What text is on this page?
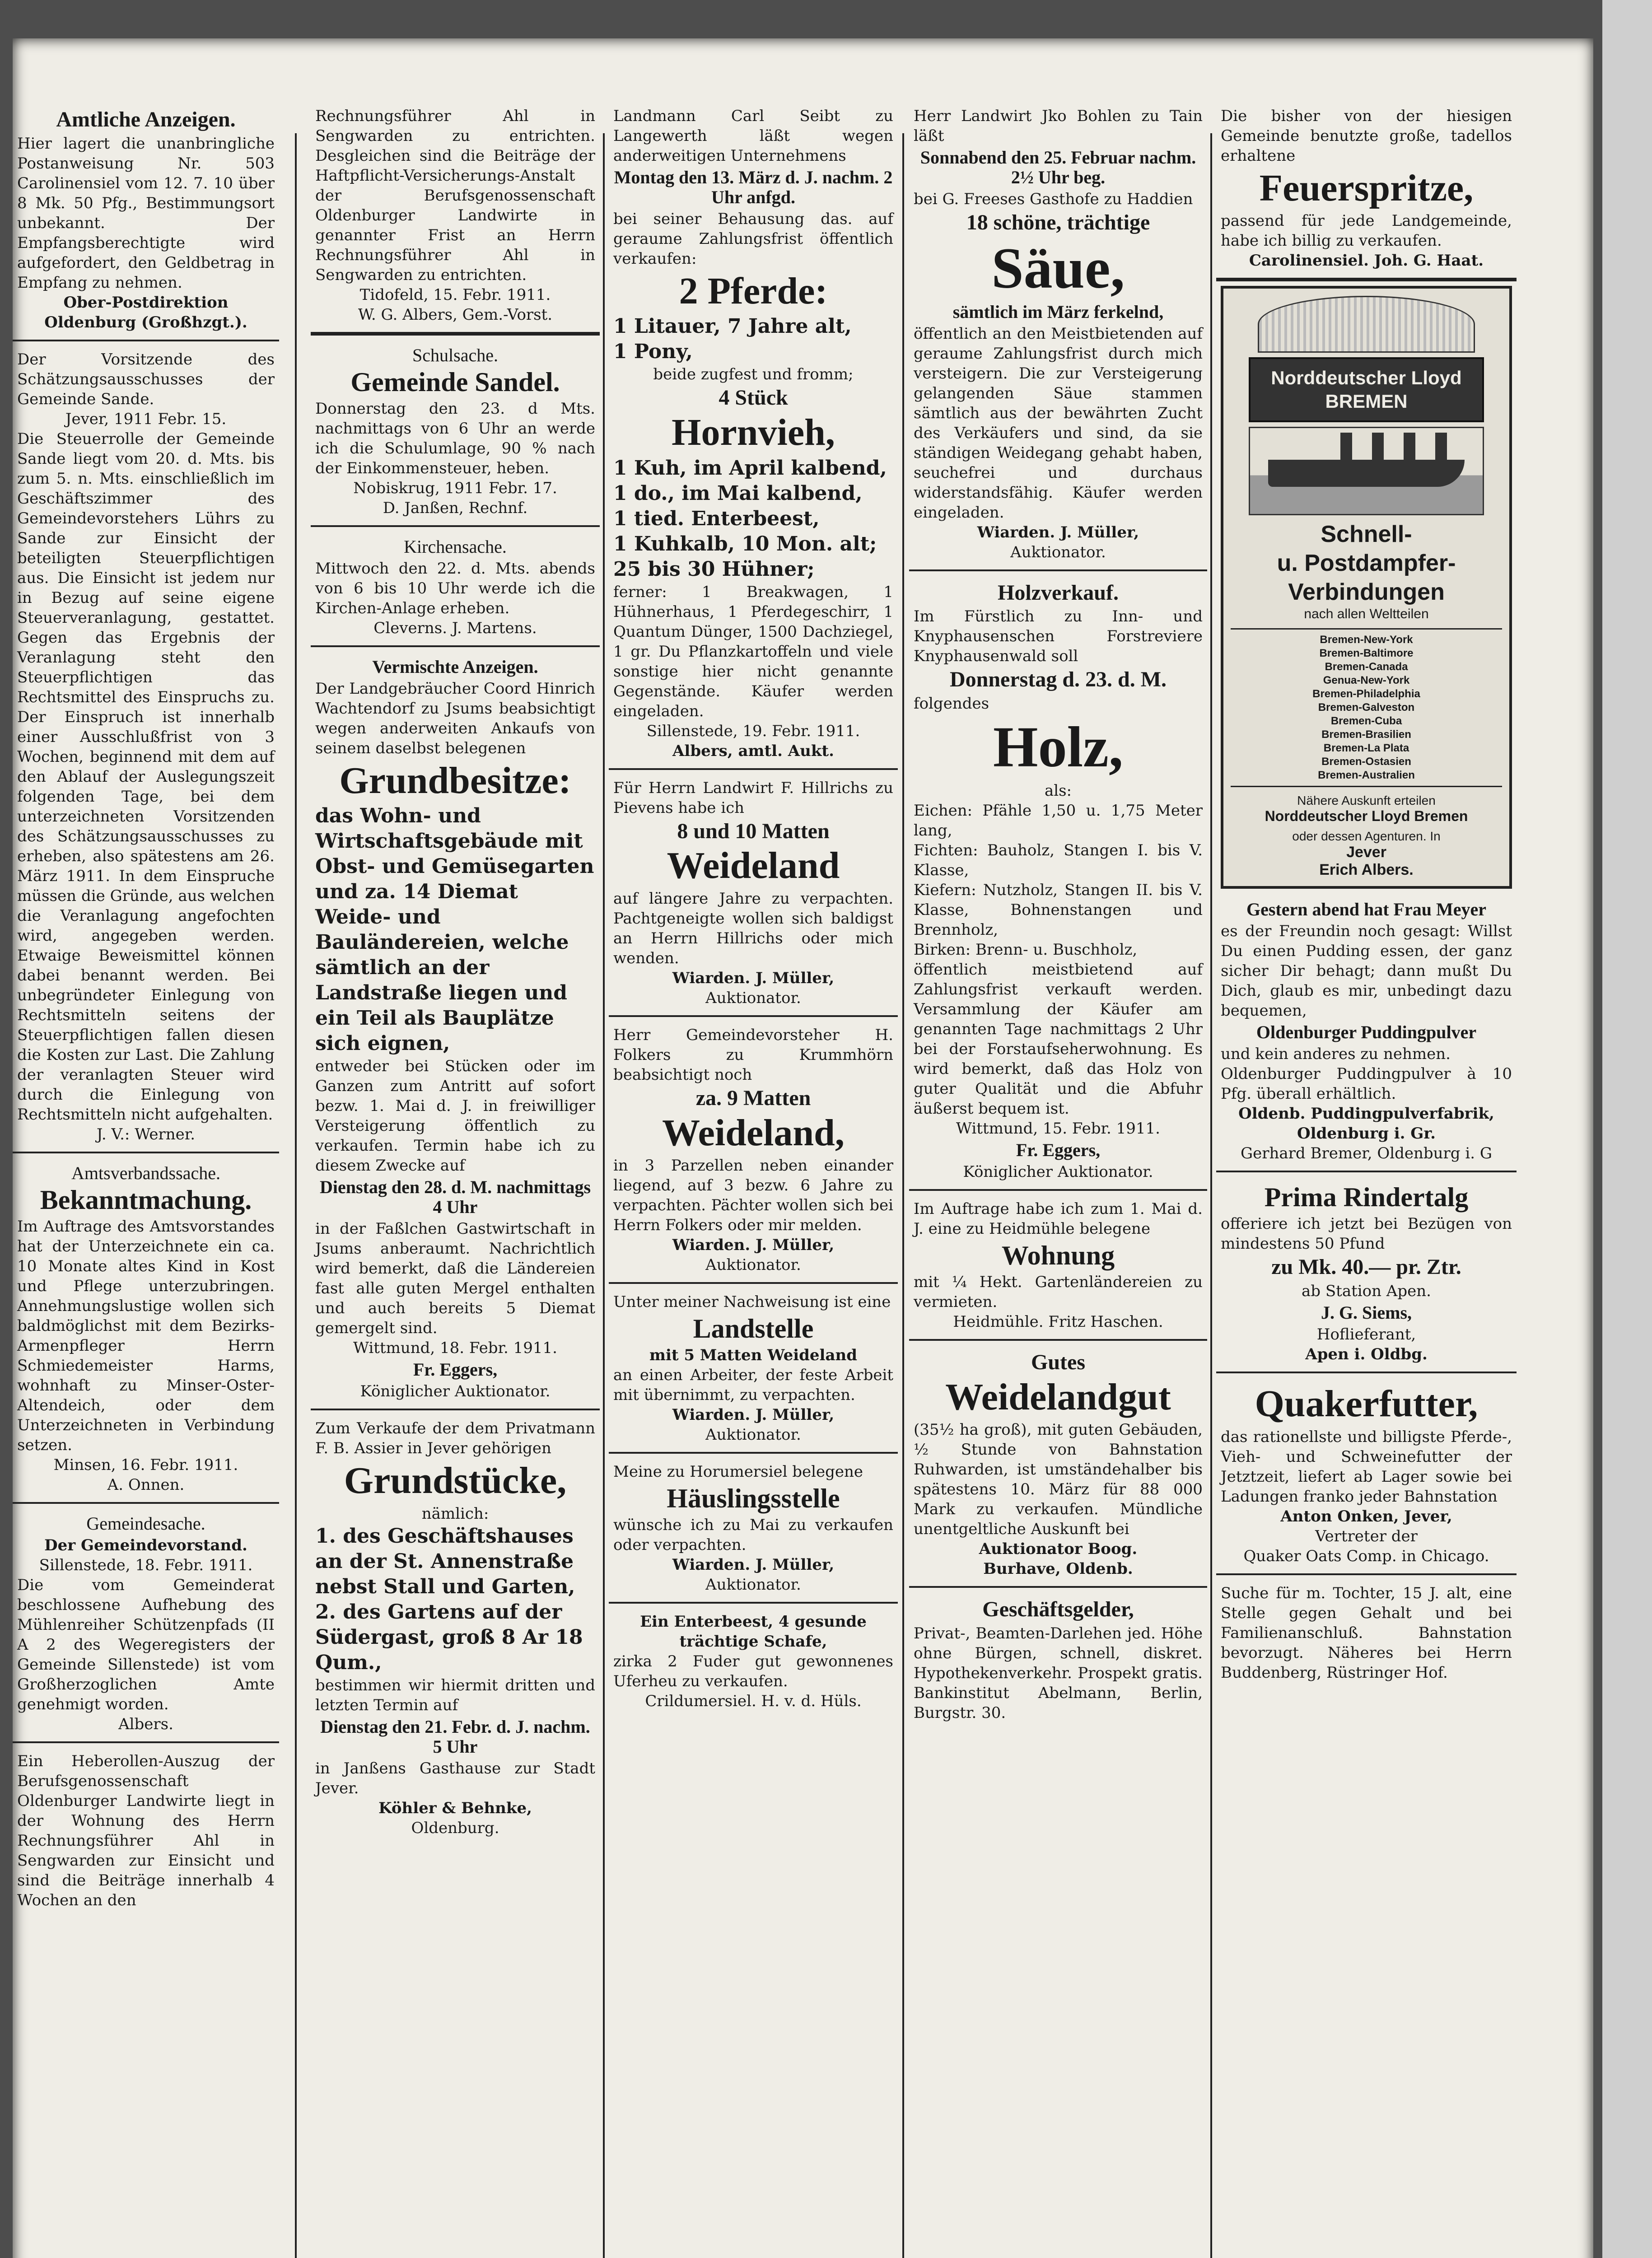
Amtliche Anzeigen.

Hier lagert die unanbringliche Postanweisung Nr. 503 Carolinensiel vom 12. 7. 10 über 8 Mk. 50 Pfg., Bestimmungsort unbekannt. Der Empfangsberechtigte wird aufgefordert, den Geldbetrag in Empfang zu nehmen.

Ober-Postdirektion Oldenburg (Großhzgt.).

Der Vorsitzende des Schätzungsausschusses der Gemeinde Sande.

Jever, 1911 Febr. 15.

Die Steuerrolle der Gemeinde Sande liegt vom 20. d. Mts. bis zum 5. n. Mts. einschließlich im Geschäftszimmer des Gemeindevorstehers Lührs zu Sande zur Einsicht der beteiligten Steuerpflichtigen aus. Die Einsicht ist jedem nur in Bezug auf seine eigene Steuerveranlagung, gestattet. Gegen das Ergebnis der Veranlagung steht den Steuerpflichtigen das Rechtsmittel des Einspruchs zu. Der Einspruch ist innerhalb einer Ausschlußfrist von 3 Wochen, beginnend mit dem auf den Ablauf der Auslegungszeit folgenden Tage, bei dem unterzeichneten Vorsitzenden des Schätzungsausschusses zu erheben, also spätestens am 26. März 1911. In dem Einspruche müssen die Gründe, aus welchen die Veranlagung angefochten wird, angegeben werden. Etwaige Beweismittel können dabei benannt werden. Bei unbegründeter Einlegung von Rechtsmitteln seitens der Steuerpflichtigen fallen diesen die Kosten zur Last. Die Zahlung der veranlagten Steuer wird durch die Einlegung von Rechtsmitteln nicht aufgehalten.

J. V.: Werner.
Amtsverbandssache.
Bekanntmachung.

Im Auftrage des Amtsvorstandes hat der Unterzeichnete ein ca. 10 Monate altes Kind in Kost und Pflege unterzubringen. Annehmungslustige wollen sich baldmöglichst mit dem Bezirks-Armenpfleger Herrn Schmiedemeister Harms, wohnhaft zu Minser-Oster-Altendeich, oder dem Unterzeichneten in Verbindung setzen.

Minsen, 16. Febr. 1911.
A. Onnen.
Gemeindesache.
Der Gemeindevorstand.
Sillenstede, 18. Febr. 1911.

Die vom Gemeinderat beschlossene Aufhebung des Mühlenreiher Schützenpfads (II A 2 des Wegeregisters der Gemeinde Sillenstede) ist vom Großherzoglichen Amte genehmigt worden.

Albers.

Ein Heberollen-Auszug der Berufsgenossenschaft Oldenburger Landwirte liegt in der Wohnung des Herrn Rechnungsführer Ahl in Sengwarden zur Einsicht und sind die Beiträge innerhalb 4 Wochen an den

Rechnungsführer Ahl in Sengwarden zu entrichten. Desgleichen sind die Beiträge der Haftpflicht-Versicherungs-Anstalt der Berufsgenossenschaft Oldenburger Landwirte in genannter Frist an Herrn Rechnungsführer Ahl in Sengwarden zu entrichten.

Tidofeld, 15. Febr. 1911.
W. G. Albers, Gem.-Vorst.
Schulsache.
Gemeinde Sandel.

Donnerstag den 23. d Mts. nachmittags von 6 Uhr an werde ich die Schulumlage, 90 % nach der Einkommensteuer, heben.

Nobiskrug, 1911 Febr. 17.
D. Janßen, Rechnf.
Kirchensache.

Mittwoch den 22. d. Mts. abends von 6 bis 10 Uhr werde ich die Kirchen-Anlage erheben.

Cleverns. J. Martens.
Vermischte Anzeigen.

Der Landgebräucher Coord Hinrich Wachtendorf zu Jsums beabsichtigt wegen anderweiten Ankaufs von seinem daselbst belegenen

Grundbesitze:

das Wohn- und Wirtschaftsgebäude mit Obst- und Gemüsegarten und za. 14 Diemat Weide- und Bauländereien, welche sämtlich an der Landstraße liegen und ein Teil als Bauplätze sich eignen,

entweder bei Stücken oder im Ganzen zum Antritt auf sofort bezw. 1. Mai d. J. in freiwilliger Versteigerung öffentlich zu verkaufen. Termin habe ich zu diesem Zwecke auf

Dienstag den 28. d. M. nachmittags 4 Uhr

in der Faßlchen Gastwirtschaft in Jsums anberaumt. Nachrichtlich wird bemerkt, daß die Ländereien fast alle guten Mergel enthalten und auch bereits 5 Diemat gemergelt sind.

Wittmund, 18. Febr. 1911.
Fr. Eggers,
Königlicher Auktionator.

Zum Verkaufe der dem Privatmann F. B. Assier in Jever gehörigen

Grundstücke,
nämlich:

1. des Geschäftshauses an der St. Annenstraße nebst Stall und Garten,

2. des Gartens auf der Südergast, groß 8 Ar 18 Qum.,

bestimmen wir hiermit dritten und letzten Termin auf

Dienstag den 21. Febr. d. J. nachm. 5 Uhr

in Janßens Gasthause zur Stadt Jever.

Köhler & Behnke,
Oldenburg.

Landmann Carl Seibt zu Langewerth läßt wegen anderweitigen Unternehmens

Montag den 13. März d. J. nachm. 2 Uhr anfgd.

bei seiner Behausung das. auf geraume Zahlungsfrist öffentlich verkaufen:

2 Pferde:

1 Litauer, 7 Jahre alt,

1 Pony,

beide zugfest und fromm;
4 Stück
Hornvieh,

1 Kuh, im April kalbend,

1 do., im Mai kalbend,

1 tied. Enterbeest,

1 Kuhkalb, 10 Mon. alt;

25 bis 30 Hühner;

ferner: 1 Breakwagen, 1 Hühnerhaus, 1 Pferdegeschirr, 1 Quantum Dünger, 1500 Dachziegel, 1 gr. Du Pflanzkartoffeln und viele sonstige hier nicht genannte Gegenstände. Käufer werden eingeladen.

Sillenstede, 19. Febr. 1911.
Albers, amtl. Aukt.

Für Herrn Landwirt F. Hillrichs zu Pievens habe ich

8 und 10 Matten
Weideland

auf längere Jahre zu verpachten. Pachtgeneigte wollen sich baldigst an Herrn Hillrichs oder mich wenden.

Wiarden. J. Müller,
Auktionator.

Herr Gemeindevorsteher H. Folkers zu Krummhörn beabsichtigt noch

za. 9 Matten
Weideland,

in 3 Parzellen neben einander liegend, auf 3 bezw. 6 Jahre zu verpachten. Pächter wollen sich bei Herrn Folkers oder mir melden.

Wiarden. J. Müller,
Auktionator.

Unter meiner Nachweisung ist eine

Landstelle
mit 5 Matten Weideland

an einen Arbeiter, der feste Arbeit mit übernimmt, zu verpachten.

Wiarden. J. Müller,
Auktionator.

Meine zu Horumersiel belegene

Häuslingsstelle

wünsche ich zu Mai zu verkaufen oder verpachten.

Wiarden. J. Müller,
Auktionator.
Ein Enterbeest, 4 gesunde trächtige Schafe,

zirka 2 Fuder gut gewonnenes Uferheu zu verkaufen.

Crildumersiel. H. v. d. Hüls.

Herr Landwirt Jko Bohlen zu Tain läßt

Sonnabend den 25. Februar nachm. 2½ Uhr beg.

bei G. Freeses Gasthofe zu Haddien

18 schöne, trächtige
Säue,
sämtlich im März ferkelnd,

öffentlich an den Meistbietenden auf geraume Zahlungsfrist durch mich versteigern. Die zur Versteigerung gelangenden Säue stammen sämtlich aus der bewährten Zucht des Verkäufers und sind, da sie ständigen Weidegang gehabt haben, seuchefrei und durchaus widerstandsfähig. Käufer werden eingeladen.

Wiarden. J. Müller,
Auktionator.
Holzverkauf.

Im Fürstlich zu Inn- und Knyphausenschen Forstreviere Knyphausenwald soll

Donnerstag d. 23. d. M.

folgendes

Holz,
als:

Eichen: Pfähle 1,50 u. 1,75 Meter lang,

Fichten: Bauholz, Stangen I. bis V. Klasse,

Kiefern: Nutzholz, Stangen II. bis V. Klasse, Bohnenstangen und Brennholz,

Birken: Brenn- u. Buschholz,

öffentlich meistbietend auf Zahlungsfrist verkauft werden. Versammlung der Käufer am genannten Tage nachmittags 2 Uhr bei der Forstaufseherwohnung. Es wird bemerkt, daß das Holz von guter Qualität und die Abfuhr äußerst bequem ist.

Wittmund, 15. Febr. 1911.
Fr. Eggers,
Königlicher Auktionator.

Im Auftrage habe ich zum 1. Mai d. J. eine zu Heidmühle belegene

Wohnung

mit ¼ Hekt. Gartenländereien zu vermieten.

Heidmühle. Fritz Haschen.
Gutes
Weidelandgut

(35½ ha groß), mit guten Gebäuden, ½ Stunde von Bahnstation Ruhwarden, ist umständehalber bis spätestens 10. März für 88 000 Mark zu verkaufen. Mündliche unentgeltliche Auskunft bei

Auktionator Boog.
Burhave, Oldenb.
Geschäftsgelder,

Privat-, Beamten-Darlehen jed. Höhe ohne Bürgen, schnell, diskret. Hypothekenverkehr. Prospekt gratis. Bankinstitut Abelmann, Berlin, Burgstr. 30.

Die bisher von der hiesigen Gemeinde benutzte große, tadellos erhaltene

Feuerspritze,

passend für jede Landgemeinde, habe ich billig zu verkaufen.

Carolinensiel. Joh. G. Haat.
Norddeutscher Lloyd
BREMEN
Schnell-
u. Postdampfer-
Verbindungen
nach allen Weltteilen
Bremen-New-York
Bremen-Baltimore
Bremen-Canada
Genua-New-York
Bremen-Philadelphia
Bremen-Galveston
Bremen-Cuba
Bremen-Brasilien
Bremen-La Plata
Bremen-Ostasien
Bremen-Australien
Nähere Auskunft erteilen
Norddeutscher Lloyd Bremen
oder dessen Agenturen. In
Jever
Erich Albers.
Gestern abend hat Frau Meyer

es der Freundin noch gesagt: Willst Du einen Pudding essen, der ganz sicher Dir behagt; dann mußt Du Dich, glaub es mir, unbedingt dazu bequemen,

Oldenburger Puddingpulver

und kein anderes zu nehmen.

Oldenburger Puddingpulver à 10 Pfg. überall erhältlich.

Oldenb. Puddingpulverfabrik, Oldenburg i. Gr.
Gerhard Bremer, Oldenburg i. G
Prima Rindertalg

offeriere ich jetzt bei Bezügen von mindestens 50 Pfund

zu Mk. 40.— pr. Ztr.
ab Station Apen.
J. G. Siems,
Hoflieferant,
Apen i. Oldbg.
Quakerfutter,

das rationellste und billigste Pferde-, Vieh- und Schweinefutter der Jetztzeit, liefert ab Lager sowie bei Ladungen franko jeder Bahnstation

Anton Onken, Jever,
Vertreter der
Quaker Oats Comp. in Chicago.

Suche für m. Tochter, 15 J. alt, eine Stelle gegen Gehalt und bei Familienanschluß. Bahnstation bevorzugt. Näheres bei Herrn Buddenberg, Rüstringer Hof.
